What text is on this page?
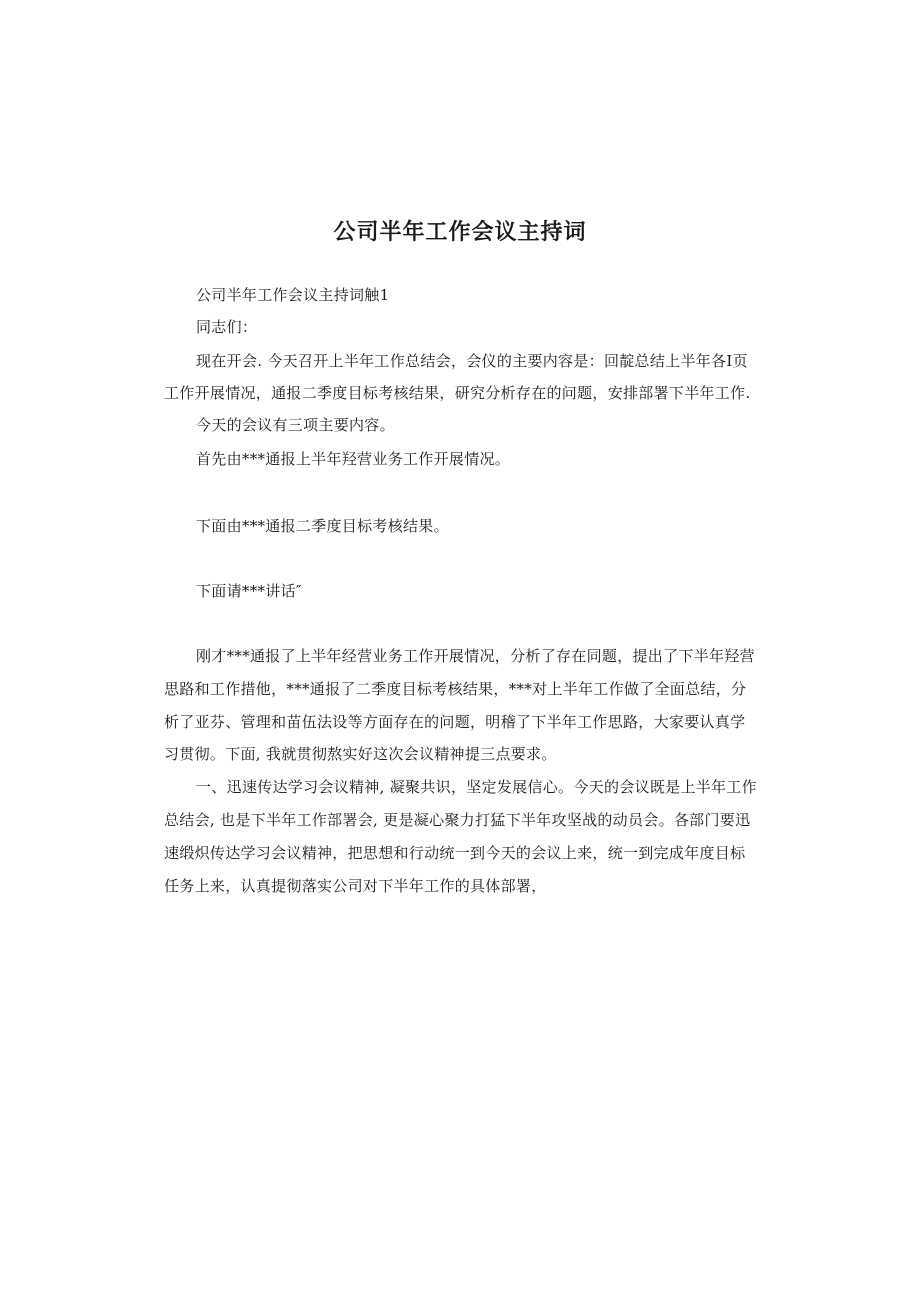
公司半年工作会议主持词
公司半年工作会议主持词触1
同志们：
现在开会. 今天召开上半年工作总结会，会仪的主要内容是：回靛总结上半年各I页
工作开展情况，通报二季度目标考核结果，研究分析存在的问题，安排部署下半年工作.
今天的会议有三项主要内容。
首先由***通报上半年羟营业务工作开展情况。
下面由***通报二季度目标考核结果。
下面请***讲话″
刚才***通报了上半年经营业务工作开展情况，分析了存在同题，提出了下半年羟营
思路和工作措他，***通报了二季度目标考核结果，***对上半年工作做了全面总结，分
析了亚芬、管理和苗伍法设等方面存在的问题，明稽了下半年工作思路，大家要认真学
习贯彻。下面, 我就贯彻熬实好这次会议精神提三点要求。
一、迅速传达学习会议精神, 凝聚共识，坚定发展信心。今天的会议既是上半年工作
总结会, 也是下半年工作部署会, 更是凝心聚力打猛下半年攻坚战的动员会。各部门要迅
速缎炽传达学习会议精神，把思想和行动统一到今天的会议上来，统一到完成年度目标
任务上来，认真提彻落实公司对下半年工作的具体部署，
